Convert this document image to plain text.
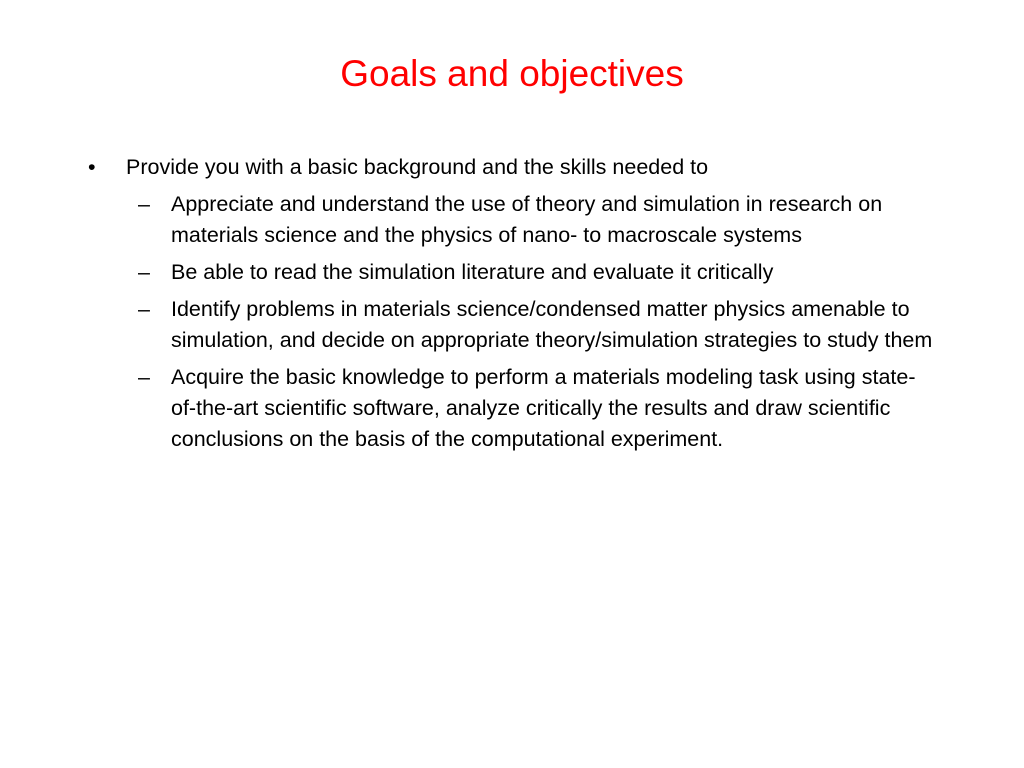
Goals and objectives
•	Provide you with a basic background and the skills needed to
– Appreciate and understand the use of theory and simulation in research on materials science and the physics of nano- to macroscale systems
– Be able to read the simulation literature and evaluate it critically
– Identify problems in materials science/condensed matter physics amenable to simulation, and decide on appropriate theory/simulation strategies to study them
– Acquire the basic knowledge to perform a materials modeling task using state-of-the-art scientific software, analyze critically the results and draw scientific conclusions on the basis of the computational experiment.
